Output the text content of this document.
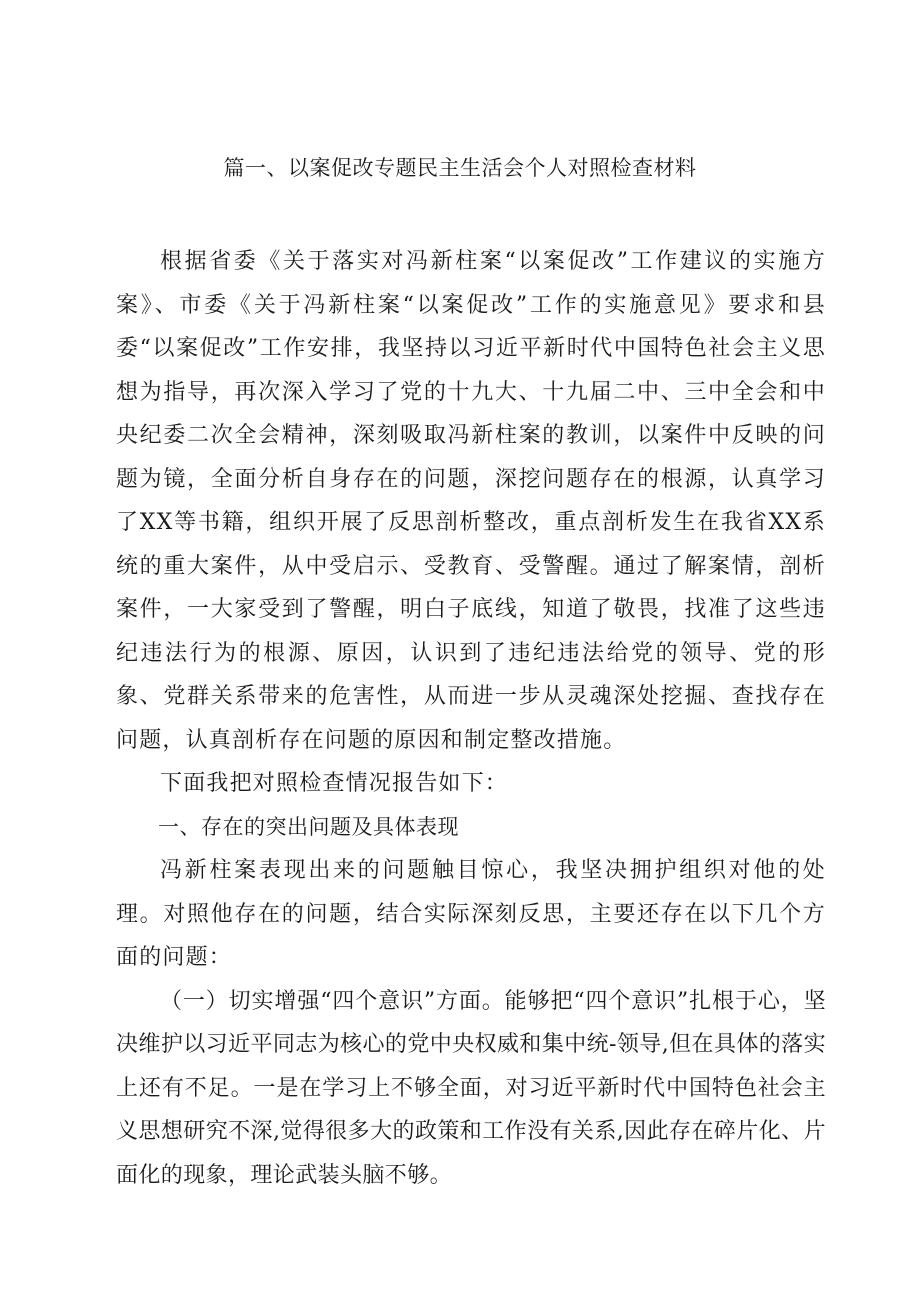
篇一、以案促改专题民主生活会个人对照检查材料

根据省委《关于落实对冯新柱案“以案促改”工作建议的实施方案》、市委《关于冯新柱案“以案促改”工作的实施意见》要求和县委“以案促改”工作安排，我坚持以习近平新时代中国特色社会主义思想为指导，再次深入学习了党的十九大、十九届二中、三中全会和中央纪委二次全会精神，深刻吸取冯新柱案的教训，以案件中反映的问题为镜，全面分析自身存在的问题，深挖问题存在的根源，认真学习了XX等书籍，组织开展了反思剖析整改，重点剖析发生在我省XX系统的重大案件，从中受启示、受教育、受警醒。通过了解案情，剖析案件，一大家受到了警醒，明白子底线，知道了敬畏，找准了这些违纪违法行为的根源、原因，认识到了违纪违法给党的领导、党的形象、党群关系带来的危害性，从而进一步从灵魂深处挖掘、查找存在问题，认真剖析存在问题的原因和制定整改措施。

下面我把对照检查情况报告如下：

一、存在的突出问题及具体表现

冯新柱案表现出来的问题触目惊心，我坚决拥护组织对他的处理。对照他存在的问题，结合实际深刻反思，主要还存在以下几个方面的问题：

（一）切实增强“四个意识”方面。能够把“四个意识”扎根于心，坚决维护以习近平同志为核心的党中央权威和集中统-领导,但在具体的落实上还有不足。一是在学习上不够全面，对习近平新时代中国特色社会主义思想研究不深,觉得很多大的政策和工作没有关系,因此存在碎片化、片面化的现象，理论武装头脑不够。
